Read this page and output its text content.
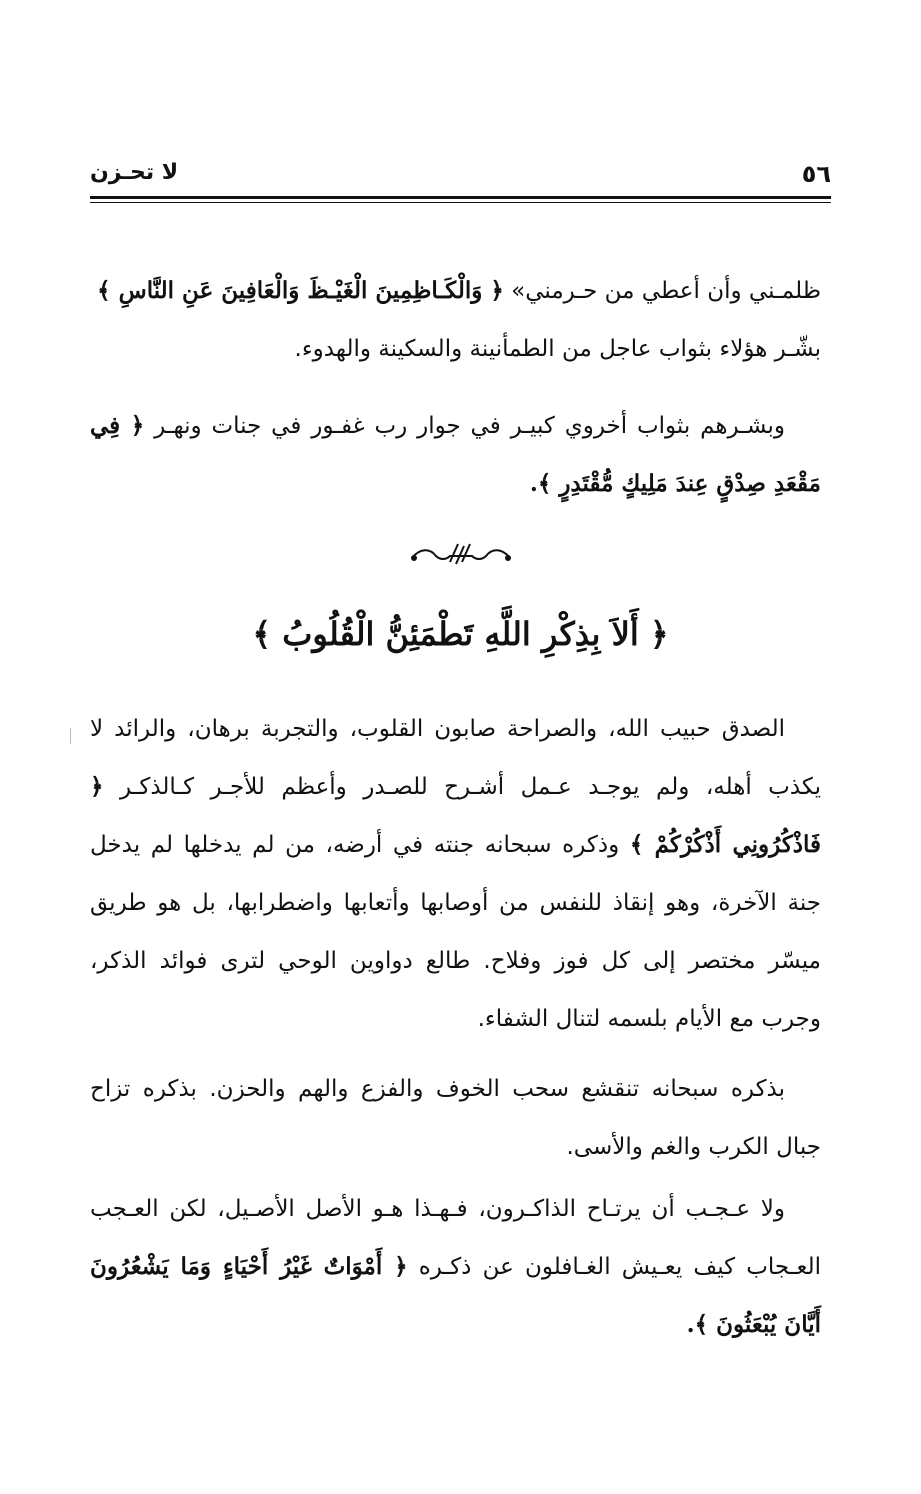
٥٦
لا تحـزن

ظلمـني وأن أعطي من حـرمني» ﴿ وَالْكَـاظِمِينَ الْغَيْـظَ وَالْعَافِينَ عَنِ النَّاسِ ﴾

بشّـر هؤلاء بثواب عاجل من الطمأنينة والسكينة والهدوء.

وبشـرهم بثواب أخروي كبيـر في جوار رب غفـور في جنات ونهـر ﴿ فِي مَقْعَدِ صِدْقٍ عِندَ مَلِيكٍ مُّقْتَدِرٍ ﴾.

﴿ أَلاَ بِذِكْرِ اللَّهِ تَطْمَئِنُّ الْقُلُوبُ ﴾

الصدق حبيب الله، والصراحة صابون القلوب، والتجربة برهان، والرائد لا يكذب أهله، ولم يوجـد عـمل أشـرح للصـدر وأعظم للأجـر كـالذكـر ﴿ فَاذْكُرُونِي أَذْكُرْكُمْ ﴾ وذكره سبحانه جنته في أرضه، من لم يدخلها لم يدخل جنة الآخرة، وهو إنقاذ للنفس من أوصابها وأتعابها واضطرابها، بل هو طريق ميسّر مختصر إلى كل فوز وفلاح. طالع دواوين الوحي لترى فوائد الذكر، وجرب مع الأيام بلسمه لتنال الشفاء.

بذكره سبحانه تنقشع سحب الخوف والفزع والهم والحزن. بذكره تزاح جبال الكرب والغم والأسى.

ولا عـجـب أن يرتـاح الذاكـرون، فـهـذا هـو الأصل الأصـيل، لكن العـجب العـجاب كيف يعـيش الغـافلون عن ذكـره ﴿ أَمْوَاتٌ غَيْرُ أَحْيَاءٍ وَمَا يَشْعُرُونَ أَيَّانَ يُبْعَثُونَ ﴾.
